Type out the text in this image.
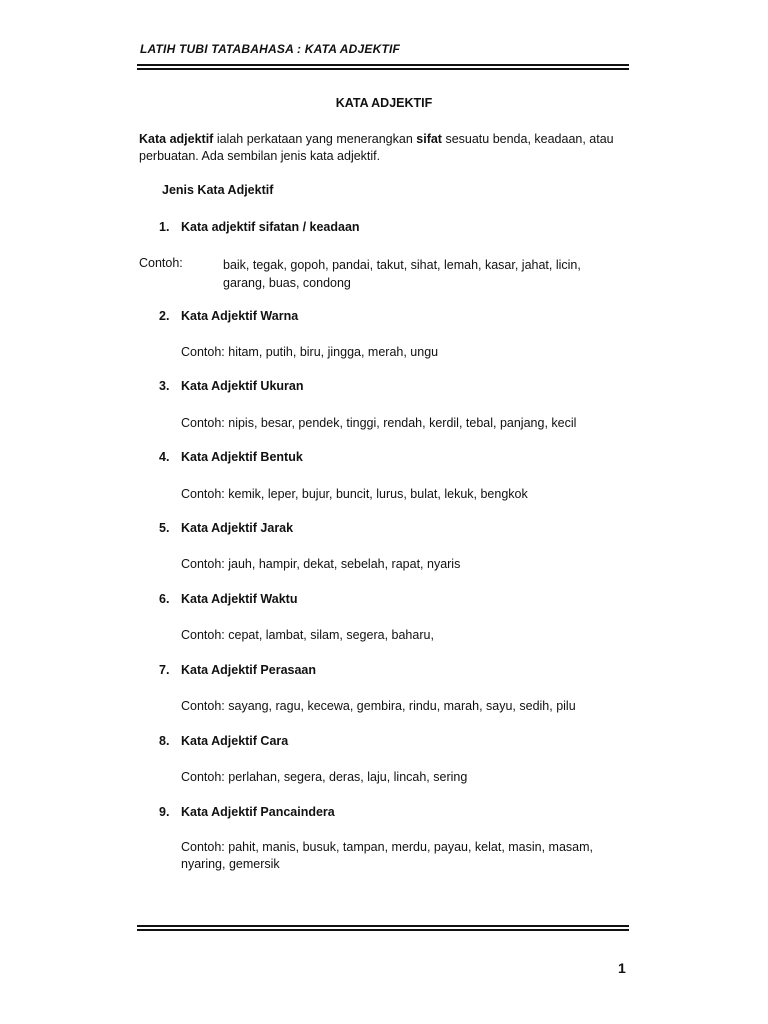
LATIH TUBI TATABAHASA : KATA ADJEKTIF
KATA ADJEKTIF
Kata adjektif ialah perkataan yang menerangkan sifat sesuatu benda, keadaan, atau perbuatan. Ada sembilan jenis kata adjektif.
Jenis Kata Adjektif
1. Kata adjektif sifatan / keadaan
Contoh:	baik, tegak, gopoh, pandai, takut, sihat, lemah, kasar, jahat, licin, garang, buas, condong
2. Kata Adjektif Warna
Contoh: hitam, putih, biru, jingga, merah, ungu
3. Kata Adjektif Ukuran
Contoh: nipis, besar, pendek, tinggi, rendah, kerdil, tebal, panjang, kecil
4. Kata Adjektif Bentuk
Contoh: kemik, leper, bujur, buncit, lurus, bulat, lekuk, bengkok
5. Kata Adjektif Jarak
Contoh: jauh, hampir, dekat, sebelah, rapat, nyaris
6. Kata Adjektif Waktu
Contoh: cepat, lambat, silam, segera, baharu,
7. Kata Adjektif Perasaan
Contoh: sayang, ragu, kecewa, gembira, rindu, marah, sayu, sedih, pilu
8. Kata Adjektif Cara
Contoh: perlahan, segera, deras, laju, lincah, sering
9. Kata Adjektif Pancaindera
Contoh: pahit, manis, busuk, tampan, merdu, payau, kelat, masin, masam, nyaring, gemersik
1
